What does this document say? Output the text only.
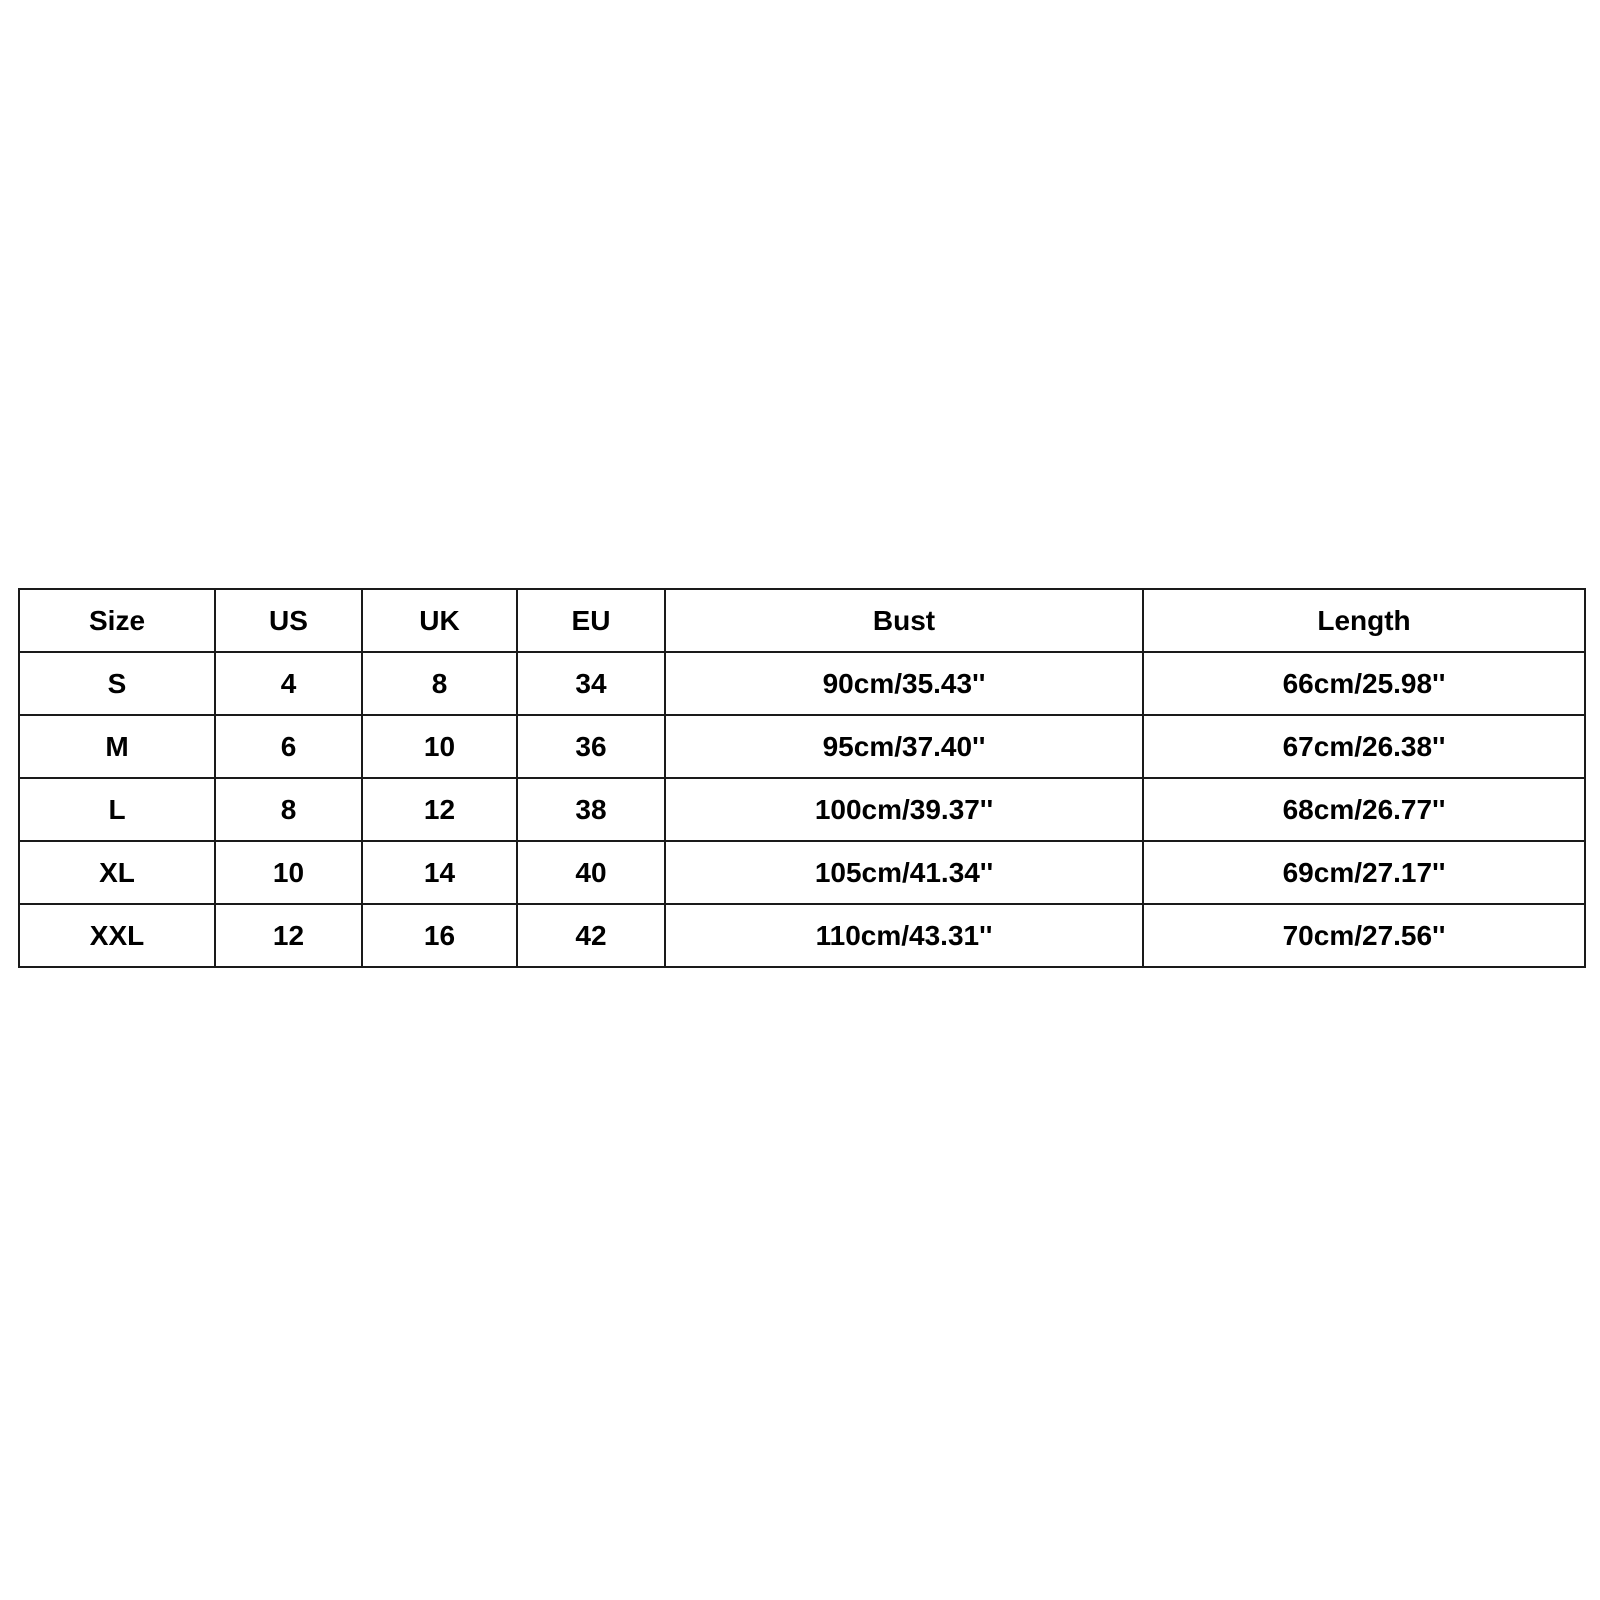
Size	US	UK	EU	Bust	Length
S	4	8	34	90cm/35.43''	66cm/25.98''
M	6	10	36	95cm/37.40''	67cm/26.38''
L	8	12	38	100cm/39.37''	68cm/26.77''
XL	10	14	40	105cm/41.34''	69cm/27.17''
XXL	12	16	42	110cm/43.31''	70cm/27.56''
